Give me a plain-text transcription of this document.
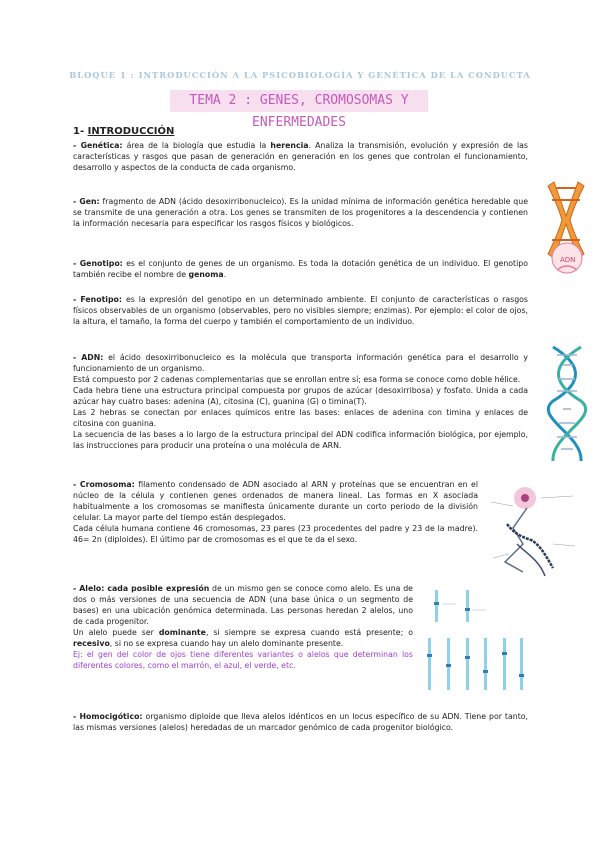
BLOQUE 1 : INTRODUCCIÓN A LA PSICOBIOLOGÍA Y GENÉTICA DE LA CONDUCTA
TEMA 2 : GENES, CROMOSOMAS Y ENFERMEDADES
1- INTRODUCCIÓN

- Genética: área de la biología que estudia la herencia. Analiza la transmisión, evolución y expresión de las características y rasgos que pasan de generación en generación en los genes que controlan el funcionamiento, desarrollo y aspectos de la conducta de cada organismo.

- Gen: fragmento de ADN (ácido desoxirribonucleico). Es la unidad mínima de información genética heredable que se transmite de una generación a otra. Los genes se transmiten de los progenitores a la descendencia y contienen la información necesaria para especificar los rasgos físicos y biológicos.

- Genotipo: es el conjunto de genes de un organismo. Es toda la dotación genética de un individuo. El genotipo también recibe el nombre de genoma.

- Fenotipo: es la expresión del genotipo en un determinado ambiente. El conjunto de características o rasgos físicos observables de un organismo (observables, pero no visibles siempre; enzimas). Por ejemplo: el color de ojos, la altura, el tamaño, la forma del cuerpo y también el comportamiento de un individuo.

- ADN: el ácido desoxirribonucleico es la molécula que transporta información genética para el desarrollo y funcionamiento de un organismo.
Está compuesto por 2 cadenas complementarias que se enrollan entre sí; esa forma se conoce como doble hélice.
Cada hebra tiene una estructura principal compuesta por grupos de azúcar (desoxirribosa) y fosfato. Unida a cada azúcar hay cuatro bases: adenina (A), citosina (C), guanina (G) o timina(T).
Las 2 hebras se conectan por enlaces químicos entre las bases: enlaces de adenina con timina y enlaces de citosina con guanina.
La secuencia de las bases a lo largo de la estructura principal del ADN codifica información biológica, por ejemplo, las instrucciones para producir una proteína o una molécula de ARN.
- Cromosoma: filamento condensado de ADN asociado al ARN y proteínas que se encuentran en el núcleo de la célula y contienen genes ordenados de manera lineal. Las formas en X asociada habitualmente a los cromosomas se manifiesta únicamente durante un corto periodo de la división celular. La mayor parte del tiempo están desplegados.
Cada célula humana contiene 46 cromosomas, 23 pares (23 procedentes del padre y 23 de la madre). 46= 2n (diploides). El último par de cromosomas es el que te da el sexo.
- Alelo: cada posible expresión de un mismo gen se conoce como alelo. Es una de dos o más versiones de una secuencia de ADN (una base única o un segmento de bases) en una ubicación genómica determinada. Las personas heredan 2 alelos, uno de cada progenitor.
Un alelo puede ser dominante, si siempre se expresa cuando está presente; o recesivo, si no se expresa cuando hay un alelo dominante presente.
Ej: el gen del color de ojos tiene diferentes variantes o alelos que determinan los diferentes colores, como el marrón, el azul, el verde, etc.

- Homocigótico: organismo diploide que lleva alelos idénticos en un locus específico de su ADN. Tiene por tanto, las mismas versiones (alelos) heredadas de un marcador genómico de cada progenitor biológico.

ADN
